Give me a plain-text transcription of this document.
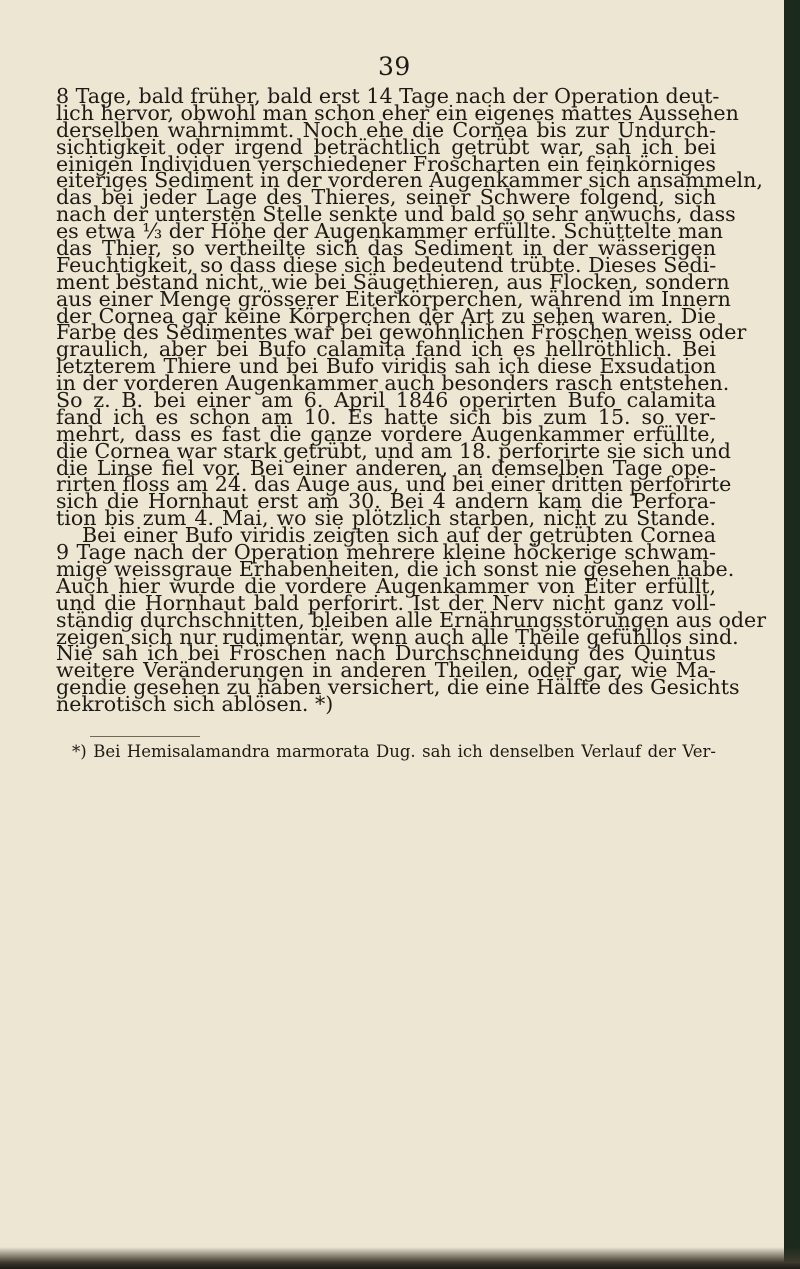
39
8 Tage, bald früher, bald erst 14 Tage nach der Operation deut-
lich hervor, obwohl man schon eher ein eigenes mattes Aussehen
derselben wahrnimmt. Noch ehe die Cornea bis zur Undurch-
sichtigkeit oder irgend beträchtlich getrübt war, sah ich bei
einigen Individuen verschiedener Froscharten ein feinkörniges
eiteriges Sediment in der vorderen Augenkammer sich ansammeln,
das bei jeder Lage des Thieres, seiner Schwere folgend, sich
nach der untersten Stelle senkte und bald so sehr anwuchs, dass
es etwa ⅓ der Höhe der Augenkammer erfüllte. Schüttelte man
das Thier, so vertheilte sich das Sediment in der wässerigen
Feuchtigkeit, so dass diese sich bedeutend trübte. Dieses Sedi-
ment bestand nicht, wie bei Säugethieren, aus Flocken, sondern
aus einer Menge grösserer Eiterkörperchen, während im Innern
der Cornea gar keine Körperchen der Art zu sehen waren. Die
Farbe des Sedimentes war bei gewöhnlichen Fröschen weiss oder
graulich, aber bei Bufo calamita fand ich es hellröthlich. Bei
letzterem Thiere und bei Bufo viridis sah ich diese Exsudation
in der vorderen Augenkammer auch besonders rasch entstehen.
So z. B. bei einer am 6. April 1846 operirten Bufo calamita
fand ich es schon am 10. Es hatte sich bis zum 15. so ver-
mehrt, dass es fast die ganze vordere Augenkammer erfüllte,
die Cornea war stark getrübt, und am 18. perforirte sie sich und
die Linse fiel vor. Bei einer anderen, an demselben Tage ope-
rirten floss am 24. das Auge aus, und bei einer dritten perforirte
sich die Hornhaut erst am 30. Bei 4 andern kam die Perfora-
tion bis zum 4. Mai, wo sie plötzlich starben, nicht zu Stande.
Bei einer Bufo viridis zeigten sich auf der getrübten Cornea
9 Tage nach der Operation mehrere kleine höckerige schwam-
mige weissgraue Erhabenheiten, die ich sonst nie gesehen habe.
Auch hier wurde die vordere Augenkammer von Eiter erfüllt,
und die Hornhaut bald perforirt. Ist der Nerv nicht ganz voll-
ständig durchschnitten, bleiben alle Ernährungsstörungen aus oder
zeigen sich nur rudimentär, wenn auch alle Theile gefühllos sind.
Nie sah ich bei Fröschen nach Durchschneidung des Quintus
weitere Veränderungen in anderen Theilen, oder gar, wie Ma-
gendie gesehen zu haben versichert, die eine Hälfte des Gesichts
nekrotisch sich ablösen. *)
*) Bei Hemisalamandra marmorata Dug. sah ich denselben Verlauf der Ver-
